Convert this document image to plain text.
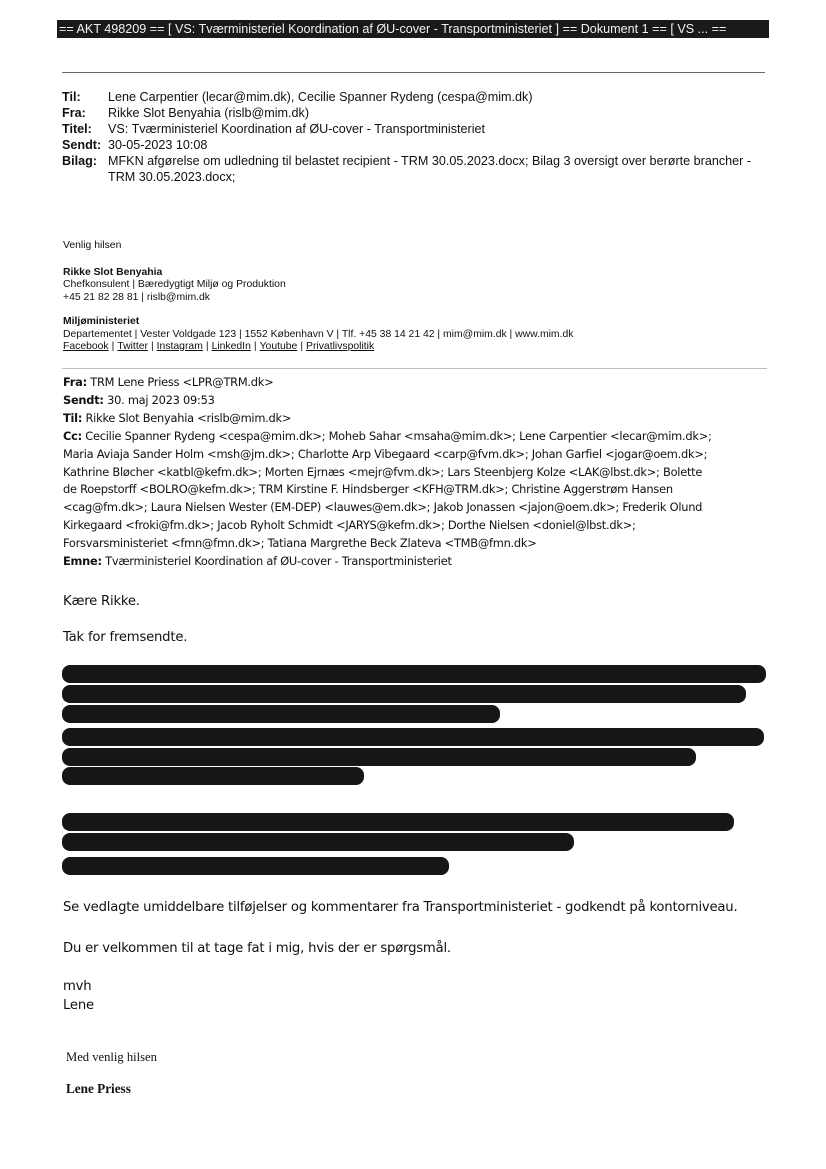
== AKT 498209 == [ VS: Tværministeriel Koordination af ØU-cover - Transportministeriet ] == Dokument 1 == [ VS ... ==
Til:	Lene Carpentier (lecar@mim.dk), Cecilie Spanner Rydeng (cespa@mim.dk)
Fra:	Rikke Slot Benyahia (rislb@mim.dk)
Titel:	VS: Tværministeriel Koordination af ØU-cover - Transportministeriet
Sendt: 30-05-2023 10:08
Bilag: MFKN afgørelse om udledning til belastet recipient - TRM 30.05.2023.docx; Bilag 3 oversigt over berørte brancher - TRM 30.05.2023.docx;
Venlig hilsen
Rikke Slot Benyahia
Chefkonsulent | Bæredygtigt Miljø og Produktion
+45 21 82 28 81 | rislb@mim.dk
Miljøministeriet
Departementet | Vester Voldgade 123 | 1552 København V | Tlf. +45 38 14 21 42 | mim@mim.dk | www.mim.dk
Facebook | Twitter | Instagram | LinkedIn | Youtube | Privatlivspolitik
Fra: TRM Lene Priess <LPR@TRM.dk>
Sendt: 30. maj 2023 09:53
Til: Rikke Slot Benyahia <rislb@mim.dk>
Cc: Cecilie Spanner Rydeng <cespa@mim.dk>; Moheb Sahar <msaha@mim.dk>; Lene Carpentier <lecar@mim.dk>;
Maria Aviaja Sander Holm <msh@jm.dk>; Charlotte Arp Vibegaard <carp@fvm.dk>; Johan Garfiel <jogar@oem.dk>;
Kathrine Bløcher <katbl@kefm.dk>; Morten Ejrnæs <mejr@fvm.dk>; Lars Steenbjerg Kolze <LAK@lbst.dk>; Bolette
de Roepstorff <BOLRO@kefm.dk>; TRM Kirstine F. Hindsberger <KFH@TRM.dk>; Christine Aggerstrøm Hansen
<cag@fm.dk>; Laura Nielsen Wester (EM-DEP) <lauwes@em.dk>; Jakob Jonassen <jajon@oem.dk>; Frederik Olund
Kirkegaard <froki@fm.dk>; Jacob Ryholt Schmidt <JARYS@kefm.dk>; Dorthe Nielsen <doniel@lbst.dk>;
Forsvarsministeriet <fmn@fmn.dk>; Tatiana Margrethe Beck Zlateva <TMB@fmn.dk>
Emne: Tværministeriel Koordination af ØU-cover - Transportministeriet
Kære Rikke.
Tak for fremsendte.
Se vedlagte umiddelbare tilføjelser og kommentarer fra Transportministeriet - godkendt på kontorniveau.
Du er velkommen til at tage fat i mig, hvis der er spørgsmål.
mvh
Lene
Med venlig hilsen
Lene Priess
